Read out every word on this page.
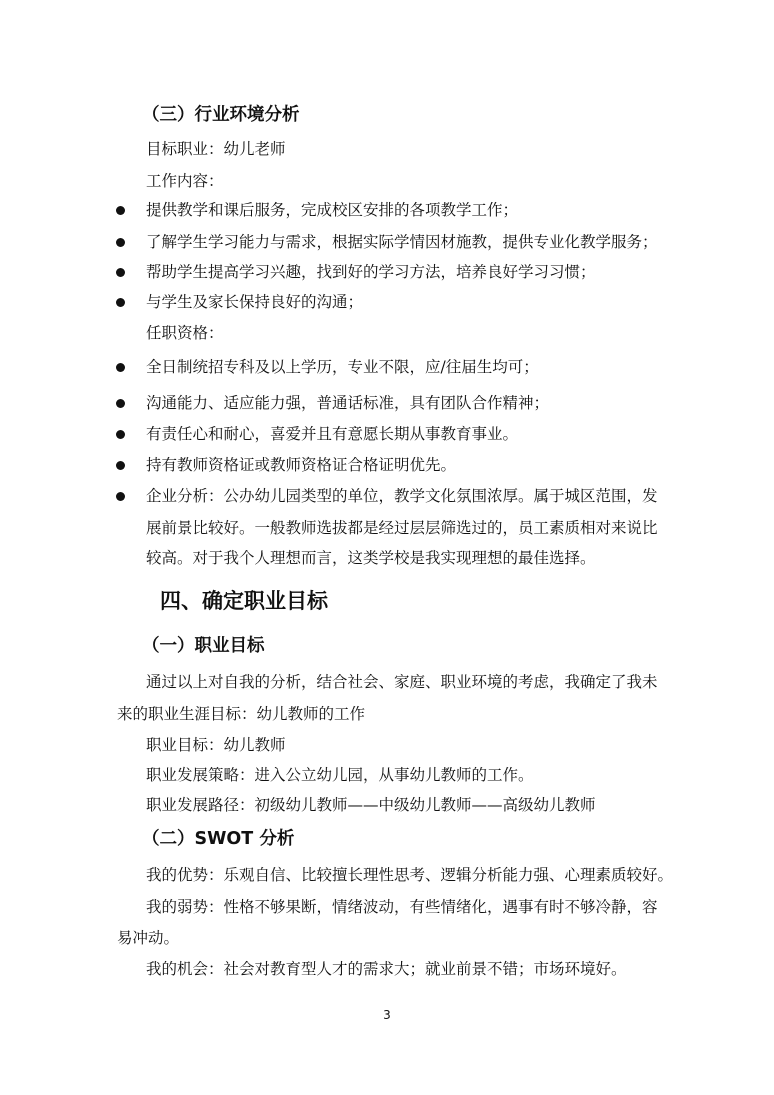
（三）行业环境分析
目标职业：幼儿老师
工作内容：
提供教学和课后服务，完成校区安排的各项教学工作；
了解学生学习能力与需求，根据实际学情因材施教，提供专业化教学服务；
帮助学生提高学习兴趣，找到好的学习方法，培养良好学习习惯；
与学生及家长保持良好的沟通；
任职资格：
全日制统招专科及以上学历，专业不限，应/往届生均可；
沟通能力、适应能力强，普通话标准，具有团队合作精神；
有责任心和耐心，喜爱并且有意愿长期从事教育事业。
持有教师资格证或教师资格证合格证明优先。
企业分析：公办幼儿园类型的单位，教学文化氛围浓厚。属于城区范围，发
展前景比较好。一般教师选拔都是经过层层筛选过的，员工素质相对来说比
较高。对于我个人理想而言，这类学校是我实现理想的最佳选择。
四、确定职业目标
（一）职业目标
通过以上对自我的分析，结合社会、家庭、职业环境的考虑，我确定了我未
来的职业生涯目标：幼儿教师的工作
职业目标：幼儿教师
职业发展策略：进入公立幼儿园，从事幼儿教师的工作。
职业发展路径：初级幼儿教师——中级幼儿教师——高级幼儿教师
（二）SWOT 分析
我的优势：乐观自信、比较擅长理性思考、逻辑分析能力强、心理素质较好。
我的弱势：性格不够果断，情绪波动，有些情绪化，遇事有时不够冷静，容
易冲动。
我的机会：社会对教育型人才的需求大；就业前景不错；市场环境好。
3
